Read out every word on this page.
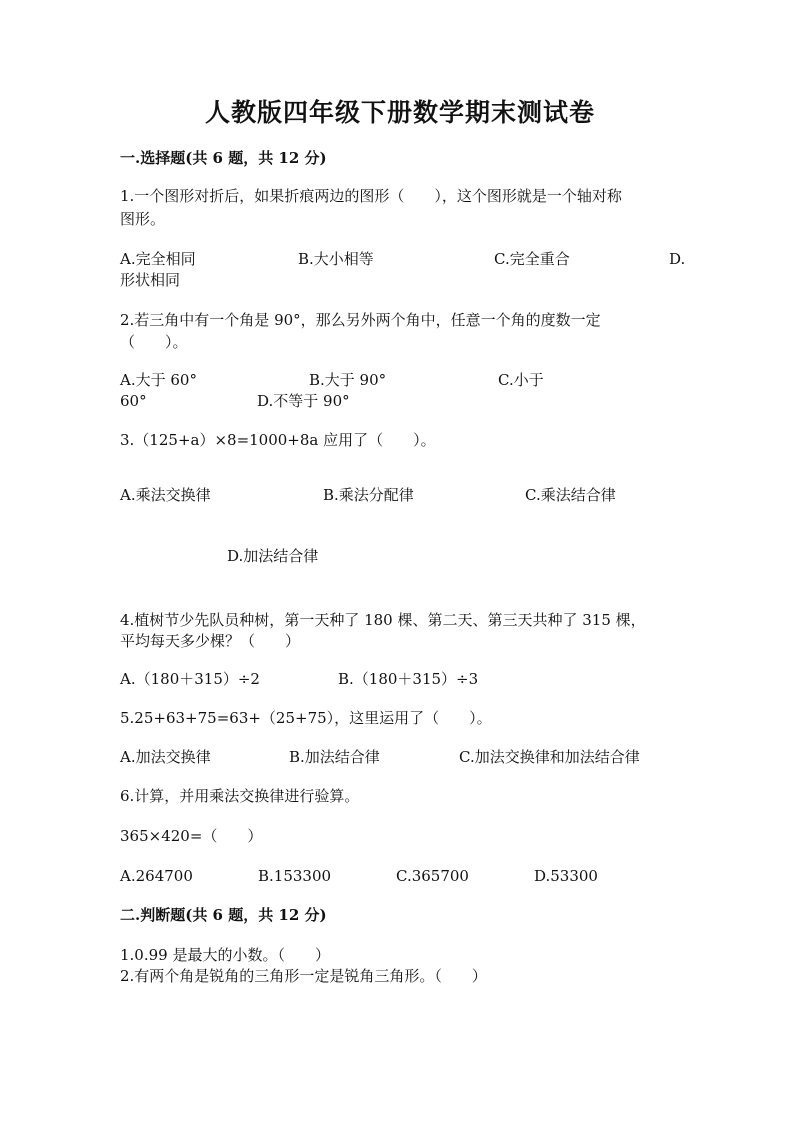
人教版四年级下册数学期末测试卷
一.选择题(共 6 题，共 12 分)
1.一个图形对折后，如果折痕两边的图形（　　），这个图形就是一个轴对称
图形。
A.完全相同	B.大小相等	C.完全重合	D.
形状相同
2.若三角中有一个角是 90°，那么另外两个角中，任意一个角的度数一定
（　　）。
A.大于 60°	B.大于 90°	C.小于
60°	D.不等于 90°
3.（125+a）×8=1000+8a 应用了（　　）。
A.乘法交换律	B.乘法分配律	C.乘法结合律
D.加法结合律
4.植树节少先队员种树，第一天种了 180 棵、第二天、第三天共种了 315 棵，
平均每天多少棵？（　　）
A.（180＋315）÷2	B.（180＋315）÷3
5.25+63+75=63+（25+75），这里运用了（　　）。
A.加法交换律	B.加法结合律	C.加法交换律和加法结合律
6.计算，并用乘法交换律进行验算。
365×420=（　　）
A.264700	B.153300	C.365700	D.53300
二.判断题(共 6 题，共 12 分)
1.0.99 是最大的小数。（　　）
2.有两个角是锐角的三角形一定是锐角三角形。（　　）
